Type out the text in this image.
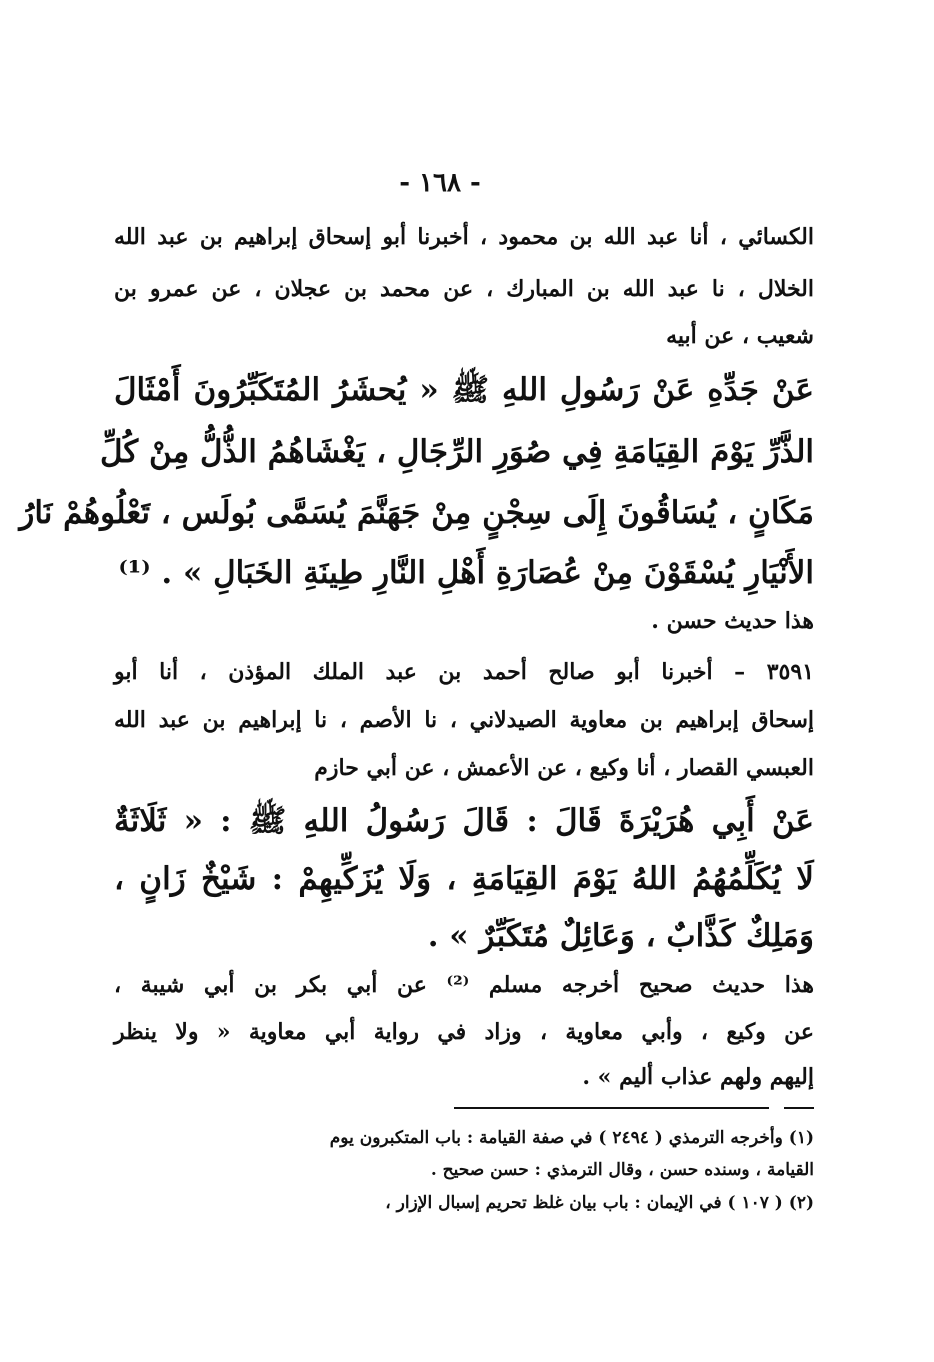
- ١٦٨ -
الكسائي ، أنا عبد الله بن محمود ، أخبرنا أبو إسحاق إبراهيم بن عبد الله
الخلال ، نا عبد الله بن المبارك ، عن محمد بن عجلان ، عن عمرو بن
شعيب ، عن أبيه
عَنْ جَدِّهِ عَنْ رَسُولِ اللهِ ﷺ « يُحشَرُ المُتَكَبِّرُونَ أَمْثَالَ
الذَّرِّ يَوْمَ القِيَامَةِ فِي صُوَرِ الرِّجَالِ ، يَغْشَاهُمُ الذُّلُّ مِنْ كُلِّ
مَكَانٍ ، يُسَاقُونَ إِلَى سِجْنٍ مِنْ جَهَنَّمَ يُسَمَّى بُولَس ، تَعْلُوهُمْ نَارُ
الأَنْيَارِ يُسْقَوْنَ مِنْ عُصَارَةِ أَهْلِ النَّارِ طِينَةِ الخَبَالِ » . ⁽¹⁾
هذا حديث حسن .
٣٥٩١ – أخبرنا أبو صالح أحمد بن عبد الملك المؤذن ، أنا أبو
إسحاق إبراهيم بن معاوية الصيدلاني ، نا الأصم ، نا إبراهيم بن عبد الله
العبسي القصار ، أنا وكيع ، عن الأعمش ، عن أبي حازم
عَنْ أَبِي هُرَيْرَةَ قَالَ : قَالَ رَسُولُ اللهِ ﷺ : « ثَلَاثَةٌ
لَا يُكَلِّمُهُمُ اللهُ يَوْمَ القِيَامَةِ ، وَلَا يُزَكِّيهِمْ : شَيْخٌ زَانٍ ،
وَمَلِكٌ كَذَّابٌ ، وَعَائِلٌ مُتَكَبِّرٌ » .
هذا حديث صحيح أخرجه مسلم ⁽²⁾ عن أبي بكر بن أبي شيبة ،
عن وكيع ، وأبي معاوية ، وزاد في رواية أبي معاوية « ولا ينظر
إليهم ولهم عذاب أليم » .
(١) وأخرجه الترمذي ( ٢٤٩٤ ) في صفة القيامة : باب المتكبرون يوم
القيامة ، وسنده حسن ، وقال الترمذي : حسن صحيح .
(٢) ( ١٠٧ ) في الإيمان : باب بيان غلظ تحريم إسبال الإزار ،
